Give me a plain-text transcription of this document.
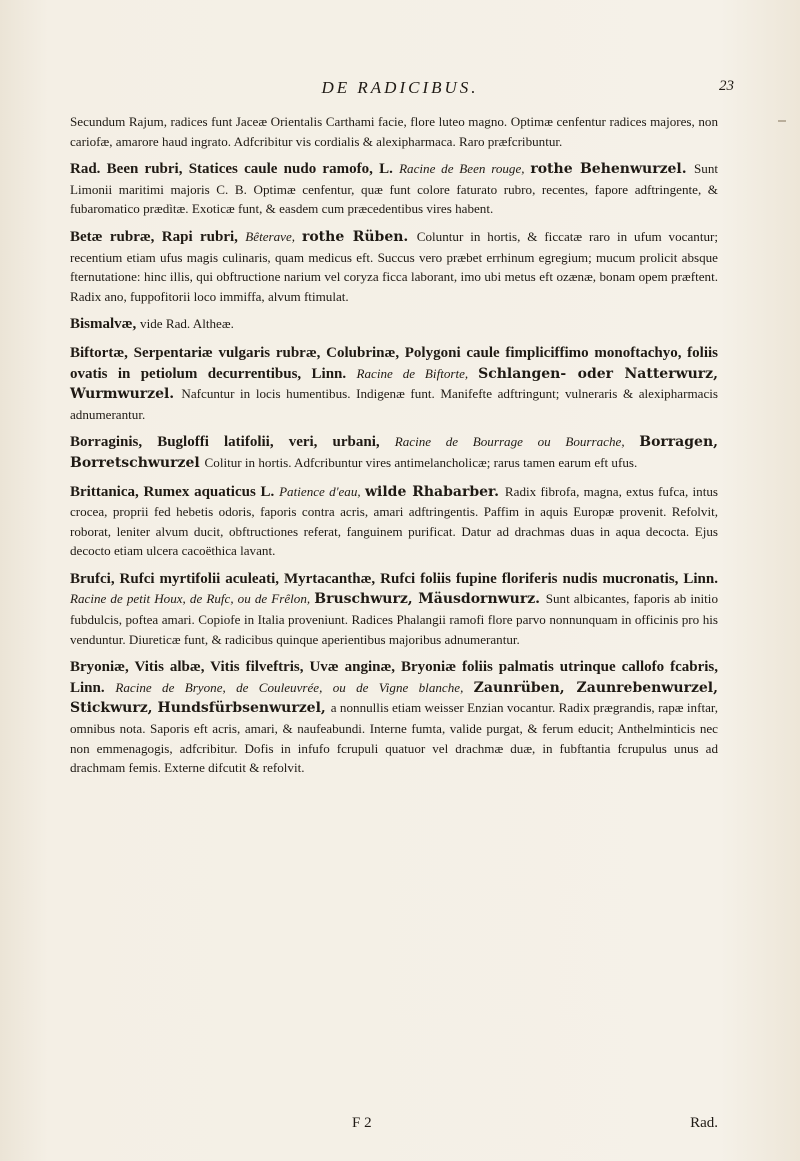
DE RADICIBUS.	23

Secundum Rajum, radices funt Jaceæ Orientalis Carthami facie, flore luteo magno. Optimæ cenfentur radices majores, non cariofæ, amarore haud ingrato. Adfcribitur vis cordialis & alexipharmaca. Raro præfcribuntur.

Rad. Been rubri, Statices caule nudo ramofo, L. Racine de Been rouge, rothe Behenwurzel. Sunt Limonii maritimi majoris C. B. Optimæ cenfentur, quæ funt colore faturato rubro, recentes, fapore adftringente, & fubaromatico prædìtæ. Exoticæ funt, & easdem cum præcedentibus vires habent.

Betæ rubræ, Rapi rubri, Bêterave, rothe Rüben. Coluntur in hortis, & ficcatæ raro in ufum vocantur; recentium etiam ufus magis culinaris, quam medicus eft. Succus vero præbet errhinum egregium; mucum prolicit absque fternutatione: hinc illis, qui obftructione narium vel coryza ficca laborant, imo ubi metus eft ozænæ, bonam opem præftent. Radix ano, fuppofitorii loco immiffa, alvum ftimulat.

Bismalvæ, vide Rad. Altheæ.

Biftortæ, Serpentariæ vulgaris rubræ, Colubrinæ, Polygoni caule fimpliciffimo monoftachyo, foliis ovatis in petiolum decurrentibus, Linn. Racine de Biftorte, Schlangen- oder Natterwurz, Wurmwurzel. Nafcuntur in locis humentibus. Indigenæ funt. Manifefte adftringunt; vulneraris & alexipharmacis adnumerantur.

Borraginis, Bugloffi latifolii, veri, urbani, Racine de Bourrage ou Bourrache, Borragen, Borretschwurzel Colitur in hortis. Adfcribuntur vires antimelancholicæ; rarus tamen earum eft ufus.

Brittanica, Rumex aquaticus L. Patience d'eau, wilde Rhabarber. Radix fibrofa, magna, extus fufca, intus crocea, proprii fed hebetis odoris, faporis contra acris, amari adftringentis. Paffim in aquis Europæ provenit. Refolvit, roborat, leniter alvum ducit, obftructiones referat, fanguinem purificat. Datur ad drachmas duas in aqua decocta. Ejus decocto etiam ulcera cacoëthica lavant.

Brufci, Rufci myrtifolii aculeati, Myrtacanthæ, Rufci foliis fupine floriferis nudis mucronatis, Linn. Racine de petit Houx, de Rufc, ou de Frêlon, Bruschwurz, Mäusdornwurz. Sunt albicantes, faporis ab initio fubdulcis, poftea amari. Copiofe in Italia proveniunt. Radices Phalangii ramofi flore parvo nonnunquam in officinis pro his venduntur. Diureticæ funt, & radicibus quinque aperientibus majoribus adnumerantur.

Bryoniæ, Vitis albæ, Vitis filveftris, Uvæ anginæ, Bryoniæ foliis palmatis utrinque callofo fcabris, Linn. Racine de Bryone, de Couleuvrée, ou de Vigne blanche, Zaunrüben, Zaunrebenwurzel, Stickwurz, Hundsfürbsenwurzel, a nonnullis etiam weisser Enzian vocantur. Radix prægrandis, rapæ inftar, omnibus nota. Saporis eft acris, amari, & naufeabundi. Interne fumta, valide purgat, & ferum educit; Anthelminticis nec non emmenagogis, adfcribitur. Dofis in infufo fcrupuli quatuor vel drachmæ duæ, in fubftantia fcrupulus unus ad drachmam femis. Externe difcutit & refolvit.

F 2	Rad.
